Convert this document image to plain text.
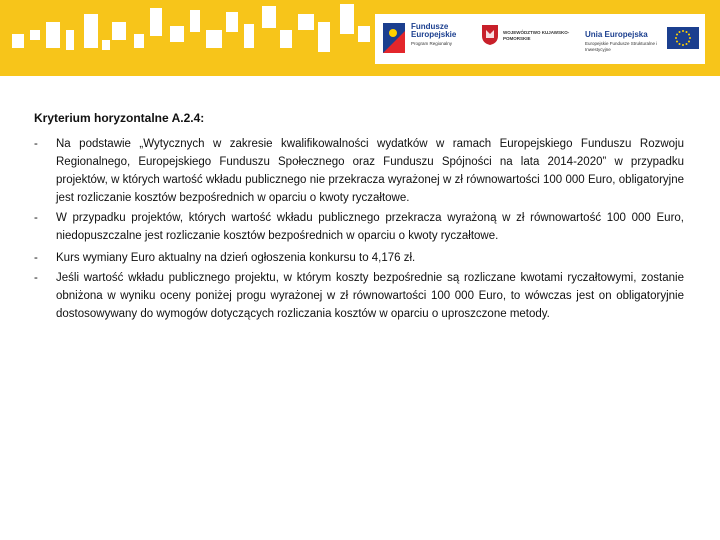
Fundusze Europejskie
Program Regionalny
WOJEWÓDZTWO KUJAWSKO-POMORSKIE	Unia Europejska
Europejskie Fundusze Strukturalne i Inwestycyjne

Kryterium horyzontalne A.2.4:

- Na podstawie „Wytycznych w zakresie kwalifikowalności wydatków w ramach Europejskiego Funduszu Rozwoju Regionalnego, Europejskiego Funduszu Społecznego oraz Funduszu Spójności na lata 2014-2020” w przypadku projektów, w których wartość wkładu publicznego nie przekracza wyrażonej w zł równowartości 100 000 Euro, obligatoryjne jest rozliczanie kosztów bezpośrednich w oparciu o kwoty ryczałtowe.
- W przypadku projektów, których wartość wkładu publicznego przekracza wyrażoną w zł równowartość 100 000 Euro, niedopuszczalne jest rozliczanie kosztów bezpośrednich w oparciu o kwoty ryczałtowe.
- Kurs wymiany Euro aktualny na dzień ogłoszenia konkursu to 4,176 zł.
- Jeśli wartość wkładu publicznego projektu, w którym koszty bezpośrednie są rozliczane kwotami ryczałtowymi, zostanie obniżona w wyniku oceny poniżej progu wyrażonej w zł równowartości 100 000 Euro, to wówczas jest on obligatoryjnie dostosowywany do wymogów dotyczących rozliczania kosztów w oparciu o uproszczone metody.
